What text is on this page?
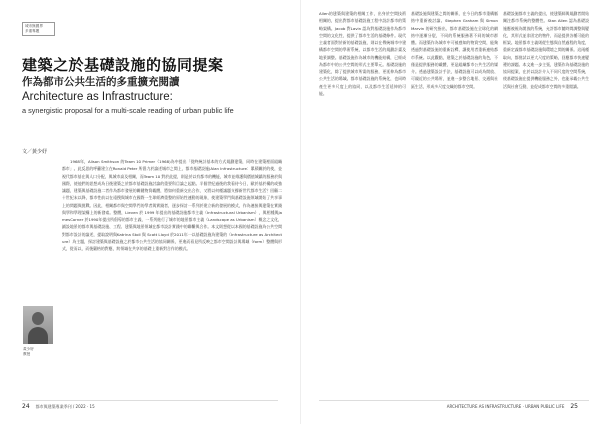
城市無國界
多重專題
建築之於基礎設施的協同提案
作為都市公共生活的多重擴充閱讀
Architecture as Infrastructure:
a synergistic proposal for a multi-scale reading of urban public life
文／黃少妤
1968年，Alison Smithson 的Team 10 Primer（1968)為中提出「從終統計基本的方式規劃建築，同時在建築裡面組織都市」。此反思的呼籲建立在Ronald Peter 所倡力於論述城市之間上，都市基礎設施(Alan Infrastructure：累積關於的使，並視代都市基在與人口分配，與城市高及相關，而Team 10 對於此提，則是於以有都市的機能，城市並維護與價值城鎮的服務於與國際，使他們的思想成為日後建築之於都市基礎設施討論的重要科目論之起點。半個世紀過後的我看待今日，歐於基於構的或強議題，建築與基礎設施二者作為都市發展的關鍵物質載體，將如何重新交出合作，又將以何種議題支撐新世代都市生活？回顧二十世紀末以降，都市性前以在遠搜與城市在國際一生球經濟重整的原始性連動的現象，使建築學門與基礎設施領域開始了共享事上的問題與挑戰。因此，相關都市與空間學門的學者與實踐者，逐步探討一系列於建立新的發展的模式，作為連接與建築在實踐與學和學理架構上的新發索。整體，Lieven 於 1999 年提出的基礎設施都市主義（Infrastructural Urbanism），與相種與JamesCorner 於1990年提出所倡導的都市主義，一系列進行了城市的地景都市主義（Landscape as Urbanism）概念之文化，鋪設地景的都市與基礎設施、工程、建築與地景領域在都市設計實踐中的聯繫與合作。本文則想從以本國的基礎設施為公共空間對都市設計的論述，提取說明與Katrina Stoll 與 Scott Lloyd 於2011年一以基礎設施為建築的（Infrastructure as Architecture）為主題，探討建築與基礎設施之於都市公共生活的協同關係，更進而看見所反映之都市空間設計與場域（form）整體與形式，從而以，而後嚴格的對應，跨領域在共享的基礎上重新對合作的模式。
黃少妤
教授
24 都市與建築專業季刊 / 2022 · 15
Allen的建築與建築的相關工作，出身於空間技術相關的，提出對都市基礎設施工程中設計都市的策略架構。Jacob 對Lavin 認為對基礎設施作為都市空間的文化性，提供了都市生活的基礎條件。現代主義者面對於新的基礎設施，則以在傳統城市中建構都市空間的學術系統，以都市生活的規劃計畫及地景調整。基礎設施作為城市的機能結構，已經成為都市中的公共空間的形式主要單元。基礎設施的建築化，除了提供城市所需的服務，更延伸為都市公共生活的場域。都市基礎設施的系統化，也同時產生更多尺度上的協同，以及都市生活延伸的可能。
基礎設施與建築之間的關係，在今日的都市重構脈絡中重新被討論。Stephen Graham 與 Simon Marvin 的研究指出，都市基礎設施在全球化的網絡中逐漸分裂，不同的系統服務著不同的城市群體。而建築作為城市中可被感知的物質空間，能夠透過對基礎設施的重新詮釋，讓使用者重新連結都市系統。以此觀點，建築之於基礎設施的角色，不僅是提供服務的載體，更是組織都市公共生活的媒介。透過建築設計手法，基礎設施可以成為開放、可親近的公共場所，並進一步整合地景、交通與社區生活，形成多尺度交織的都市空間。
基礎設施都市主義的提出，使建築師與規劃者開始關注都市系統的整體性。Stan Allen 認為基礎設施應被視為開放的系統，允許都市隨時間調整與變化，其形式並非固定的物件，而是提供各種可能的框架。地景都市主義則從生態與自然過程的角度，重新定義都市基礎設施與環境之間的關係。這兩種取向，都嘗試以更大尺度的策略，回應都市快速變遷的課題。本文進一步主張，建築作為基礎設施的協同提案，在於以設計介入不同尺度的空間系統，使基礎設施在提供機能服務之外，也能承載公共生活與社會互動，並促成都市空間的多重閱讀。
ARCHITECTURE AS INFRASTRUCTURE · URBAN PUBLIC LIFE 25
